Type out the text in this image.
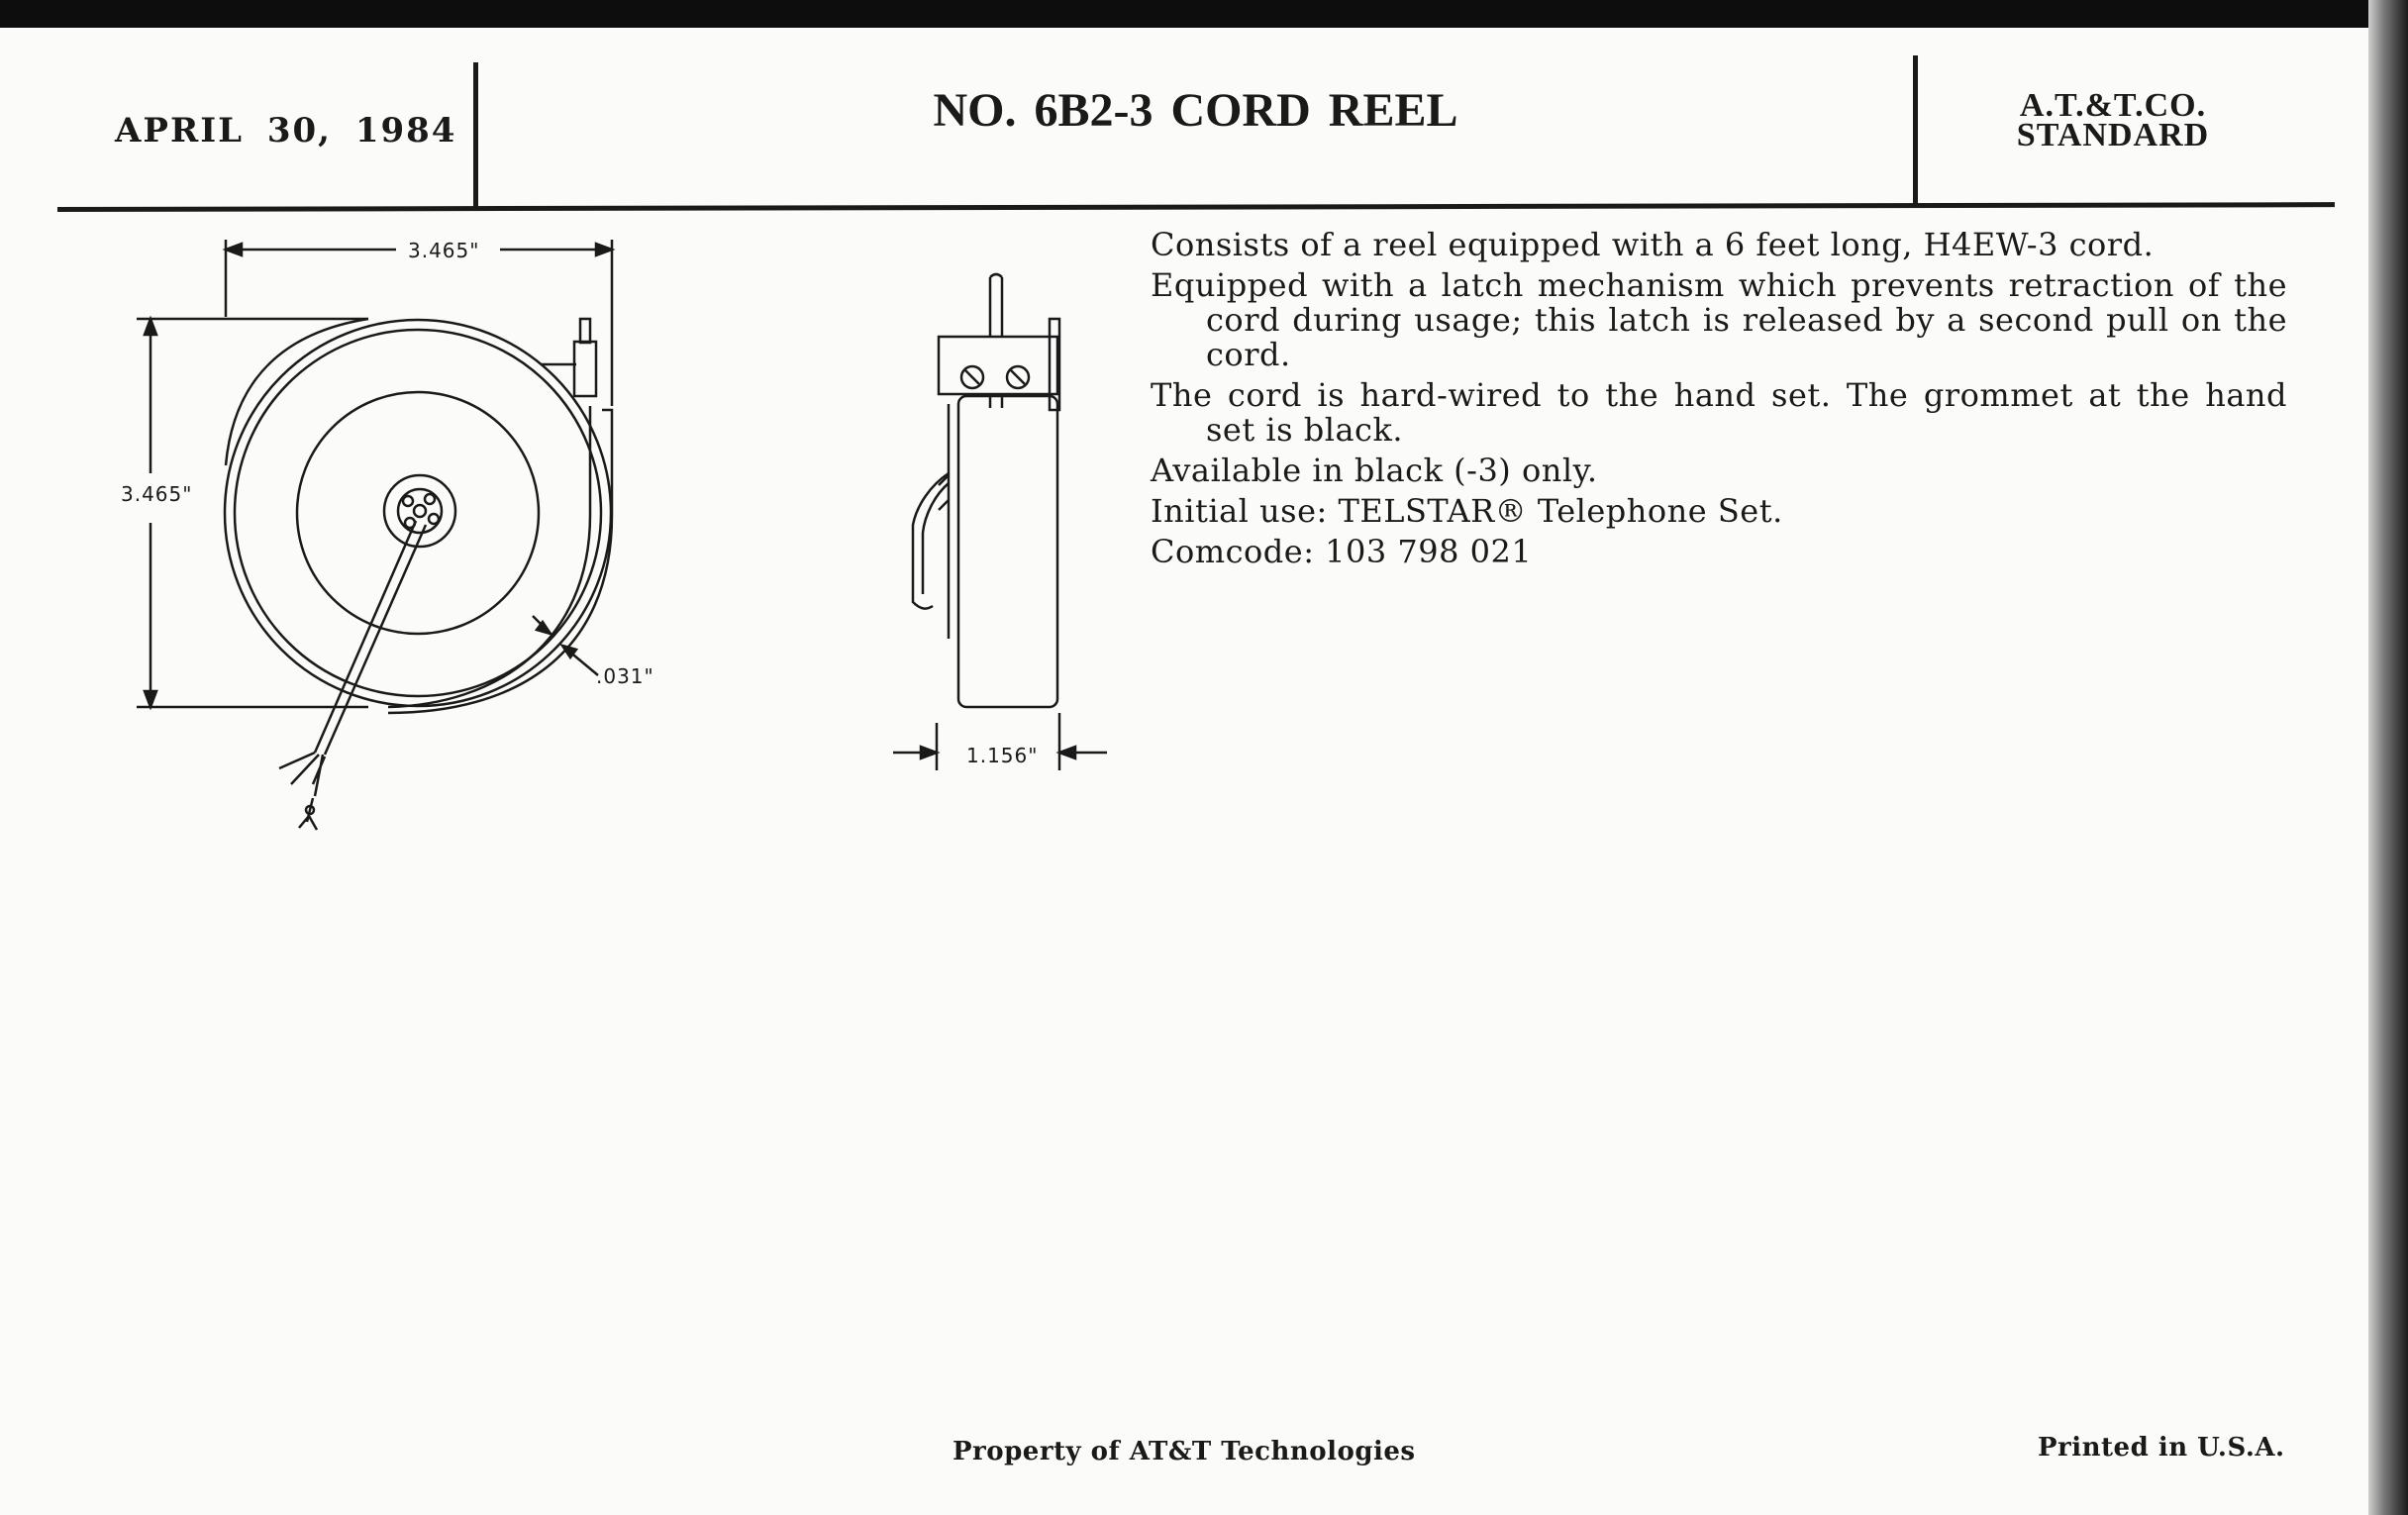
APRIL 30, 1984	NO. 6B2-3 CORD REEL	A.T.&T.CO.
STANDARD
3.465"
3.465"
.031"
1.156"

Consists of a reel equipped with a 6 feet long, H4EW-3 cord.

Equipped with a latch mechanism which prevents retraction of the cord during usage; this latch is released by a second pull on the cord.

The cord is hard-wired to the hand set. The grommet at the hand set is black.

Available in black (-3) only.

Initial use: TELSTAR® Telephone Set.

Comcode: 103 798 021

Property of AT&T Technologies	Printed in U.S.A.
